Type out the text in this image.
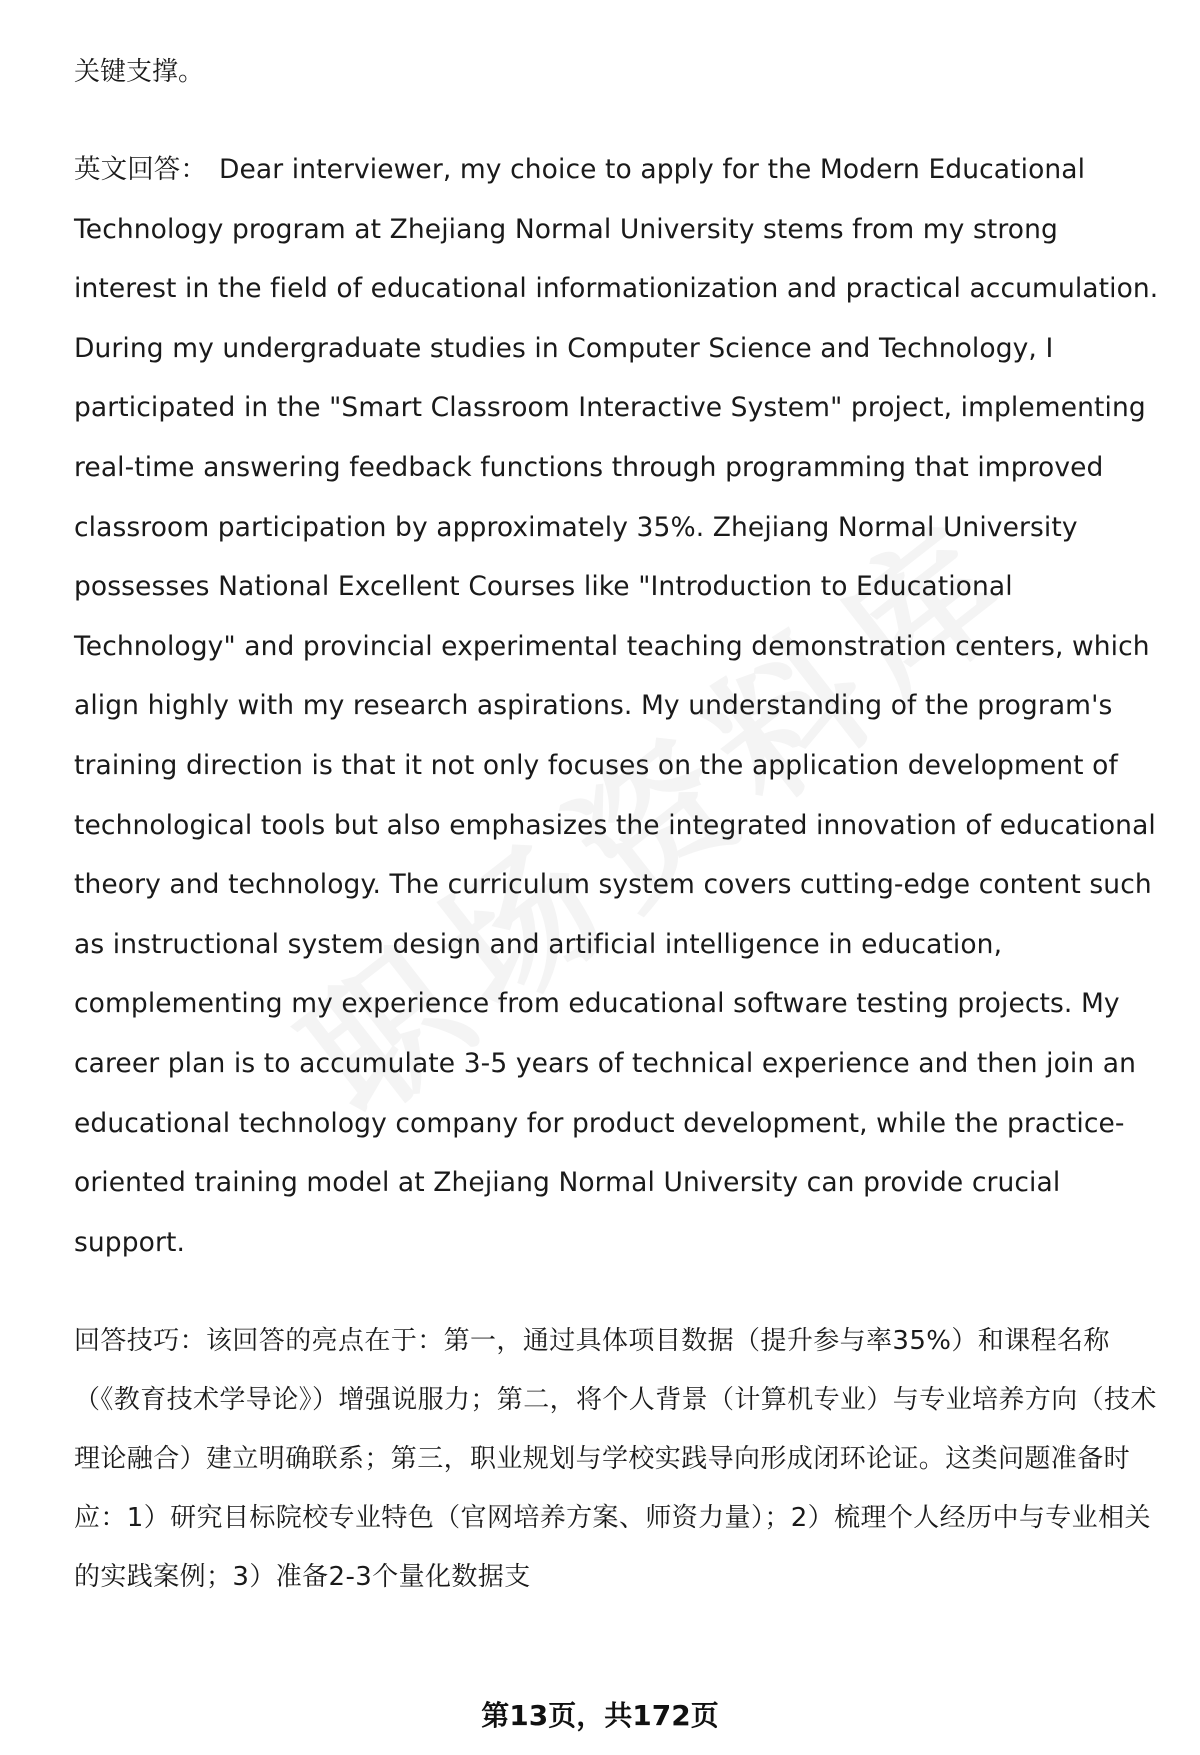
关键支撑。

英文回答： Dear interviewer, my choice to apply for the Modern Educational Technology program at Zhejiang Normal University stems from my strong interest in the field of educational informationization and practical accumulation. During my undergraduate studies in Computer Science and Technology, I participated in the "Smart Classroom Interactive System" project, implementing real-time answering feedback functions through programming that improved classroom participation by approximately 35%. Zhejiang Normal University possesses National Excellent Courses like "Introduction to Educational Technology" and provincial experimental teaching demonstration centers, which align highly with my research aspirations. My understanding of the program's training direction is that it not only focuses on the application development of technological tools but also emphasizes the integrated innovation of educational theory and technology. The curriculum system covers cutting-edge content such as instructional system design and artificial intelligence in education, complementing my experience from educational software testing projects. My career plan is to accumulate 3-5 years of technical experience and then join an educational technology company for product development, while the practice-oriented training model at Zhejiang Normal University can provide crucial support.

回答技巧：该回答的亮点在于：第一，通过具体项目数据（提升参与率35%）和课程名称（《教育技术学导论》）增强说服力；第二，将个人背景（计算机专业）与专业培养方向（技术理论融合）建立明确联系；第三，职业规划与学校实践导向形成闭环论证。这类问题准备时应：1）研究目标院校专业特色（官网培养方案、师资力量）；2）梳理个人经历中与专业相关的实践案例；3）准备2-3个量化数据支

第13页，共172页
